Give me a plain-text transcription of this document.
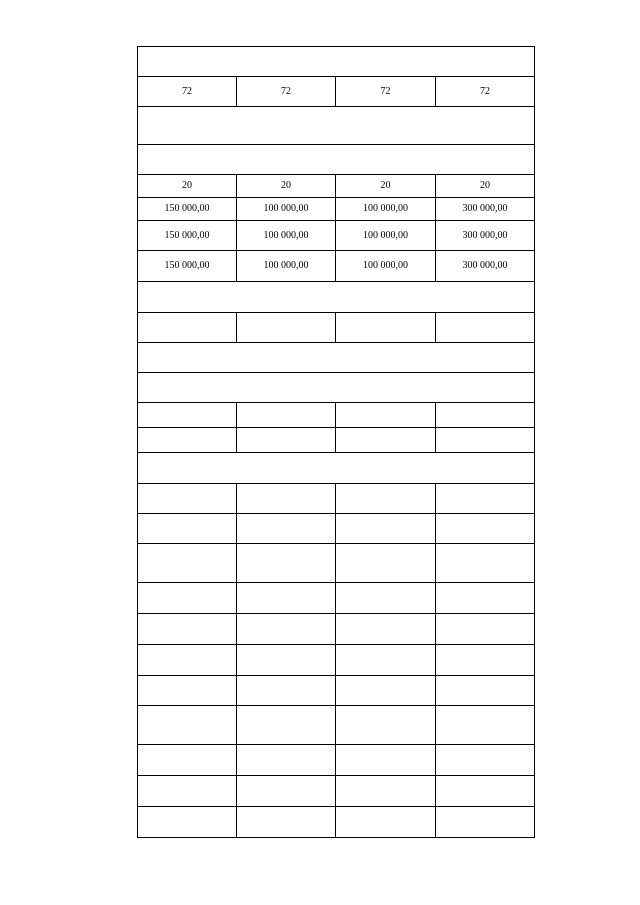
72	72	72	72

20	20	20	20
150 000,00	100 000,00	100 000,00	300 000,00
150 000,00	100 000,00	100 000,00	300 000,00
150 000,00	100 000,00	100 000,00	300 000,00
